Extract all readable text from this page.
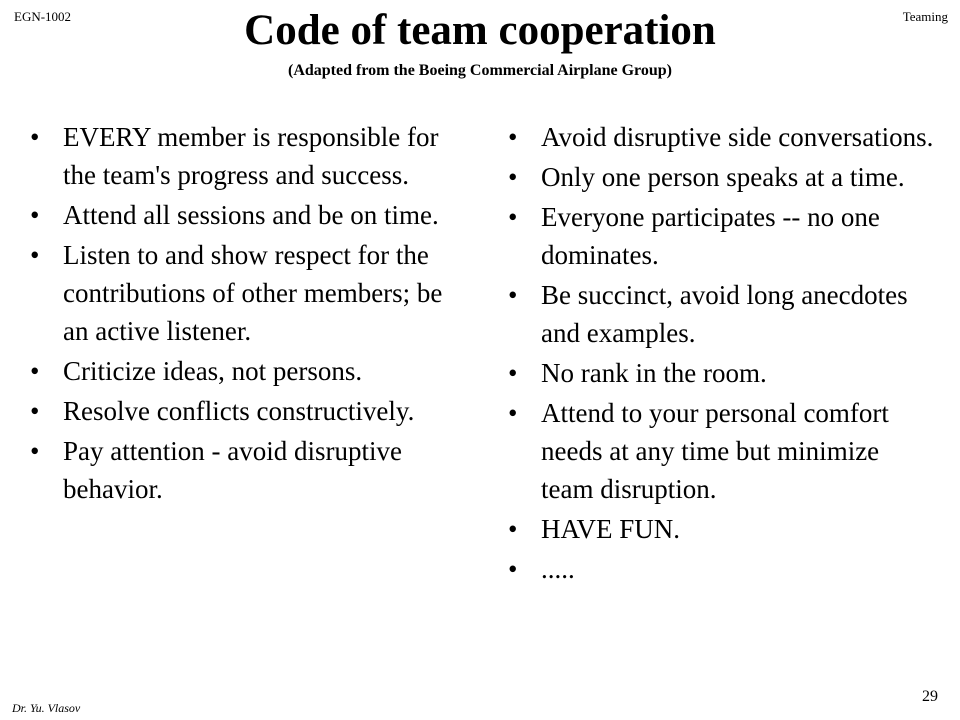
EGN-1002	Teaming
Code of team cooperation
(Adapted from the Boeing Commercial Airplane Group)
• EVERY member is responsible for the team's progress and success.
• Attend all sessions and be on time.
• Listen to and show respect for the contributions of other members; be an active listener.
• Criticize ideas, not persons.
• Resolve conflicts constructively.
• Pay attention - avoid disruptive behavior.
• Avoid disruptive side conversations.
• Only one person speaks at a time.
• Everyone participates -- no one dominates.
• Be succinct, avoid long anecdotes and examples.
• No rank in the room.
• Attend to your personal comfort needs at any time but minimize team disruption.
• HAVE FUN.
• .....
Dr. Yu. Vlasov
29
